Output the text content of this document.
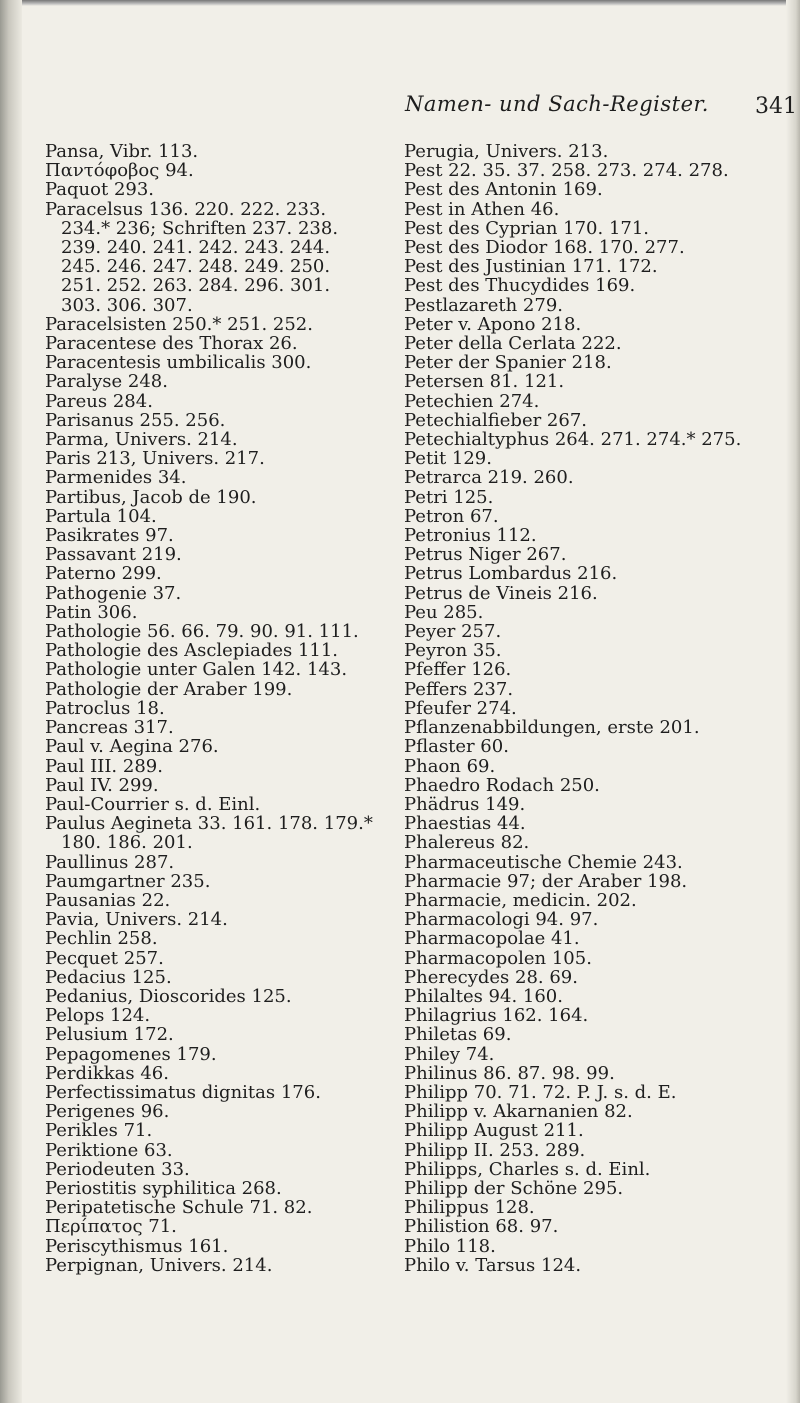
Namen- und Sach-Register. 341
Pansa, Vibr. 113.
Παντόφοβος 94.
Paquot 293.
Paracelsus 136. 220. 222. 233. 234.* 236; Schriften 237. 238. 239. 240. 241. 242. 243. 244. 245. 246. 247. 248. 249. 250. 251. 252. 263. 284. 296. 301. 303. 306. 307.
Paracelsisten 250.* 251. 252.
Paracentese des Thorax 26.
Paracentesis umbilicalis 300.
Paralyse 248.
Pareus 284.
Parisanus 255. 256.
Parma, Univers. 214.
Paris 213, Univers. 217.
Parmenides 34.
Partibus, Jacob de 190.
Partula 104.
Pasikrates 97.
Passavant 219.
Paterno 299.
Pathogenie 37.
Patin 306.
Pathologie 56. 66. 79. 90. 91. 111.
Pathologie des Asclepiades 111.
Pathologie unter Galen 142. 143.
Pathologie der Araber 199.
Patroclus 18.
Pancreas 317.
Paul v. Aegina 276.
Paul III. 289.
Paul IV. 299.
Paul-Courrier s. d. Einl.
Paulus Aegineta 33. 161. 178. 179.* 180. 186. 201.
Paullinus 287.
Paumgartner 235.
Pausanias 22.
Pavia, Univers. 214.
Pechlin 258.
Pecquet 257.
Pedacius 125.
Pedanius, Dioscorides 125.
Pelops 124.
Pelusium 172.
Pepagomenes 179.
Perdikkas 46.
Perfectissimatus dignitas 176.
Perigenes 96.
Perikles 71.
Periktione 63.
Periodeuten 33.
Periostitis syphilitica 268.
Peripatetische Schule 71. 82.
Περίπατος 71.
Periscythismus 161.
Perpignan, Univers. 214.
Perugia, Univers. 213.
Pest 22. 35. 37. 258. 273. 274. 278.
Pest des Antonin 169.
Pest in Athen 46.
Pest des Cyprian 170. 171.
Pest des Diodor 168. 170. 277.
Pest des Justinian 171. 172.
Pest des Thucydides 169.
Pestlazareth 279.
Peter v. Apono 218.
Peter della Cerlata 222.
Peter der Spanier 218.
Petersen 81. 121.
Petechien 274.
Petechialfieber 267.
Petechialtyphus 264. 271. 274.* 275.
Petit 129.
Petrarca 219. 260.
Petri 125.
Petron 67.
Petronius 112.
Petrus Niger 267.
Petrus Lombardus 216.
Petrus de Vineis 216.
Peu 285.
Peyer 257.
Peyron 35.
Pfeffer 126.
Peffers 237.
Pfeufer 274.
Pflanzenabbildungen, erste 201.
Pflaster 60.
Phaon 69.
Phaedro Rodach 250.
Phädrus 149.
Phaestias 44.
Phalereus 82.
Pharmaceutische Chemie 243.
Pharmacie 97; der Araber 198.
Pharmacie, medicin. 202.
Pharmacologi 94. 97.
Pharmacopolae 41.
Pharmacopolen 105.
Pherecydes 28. 69.
Philaltes 94. 160.
Philagrius 162. 164.
Philetas 69.
Philey 74.
Philinus 86. 87. 98. 99.
Philipp 70. 71. 72. P. J. s. d. E.
Philipp v. Akarnanien 82.
Philipp August 211.
Philipp II. 253. 289.
Philipps, Charles s. d. Einl.
Philipp der Schöne 295.
Philippus 128.
Philistion 68. 97.
Philo 118.
Philo v. Tarsus 124.
